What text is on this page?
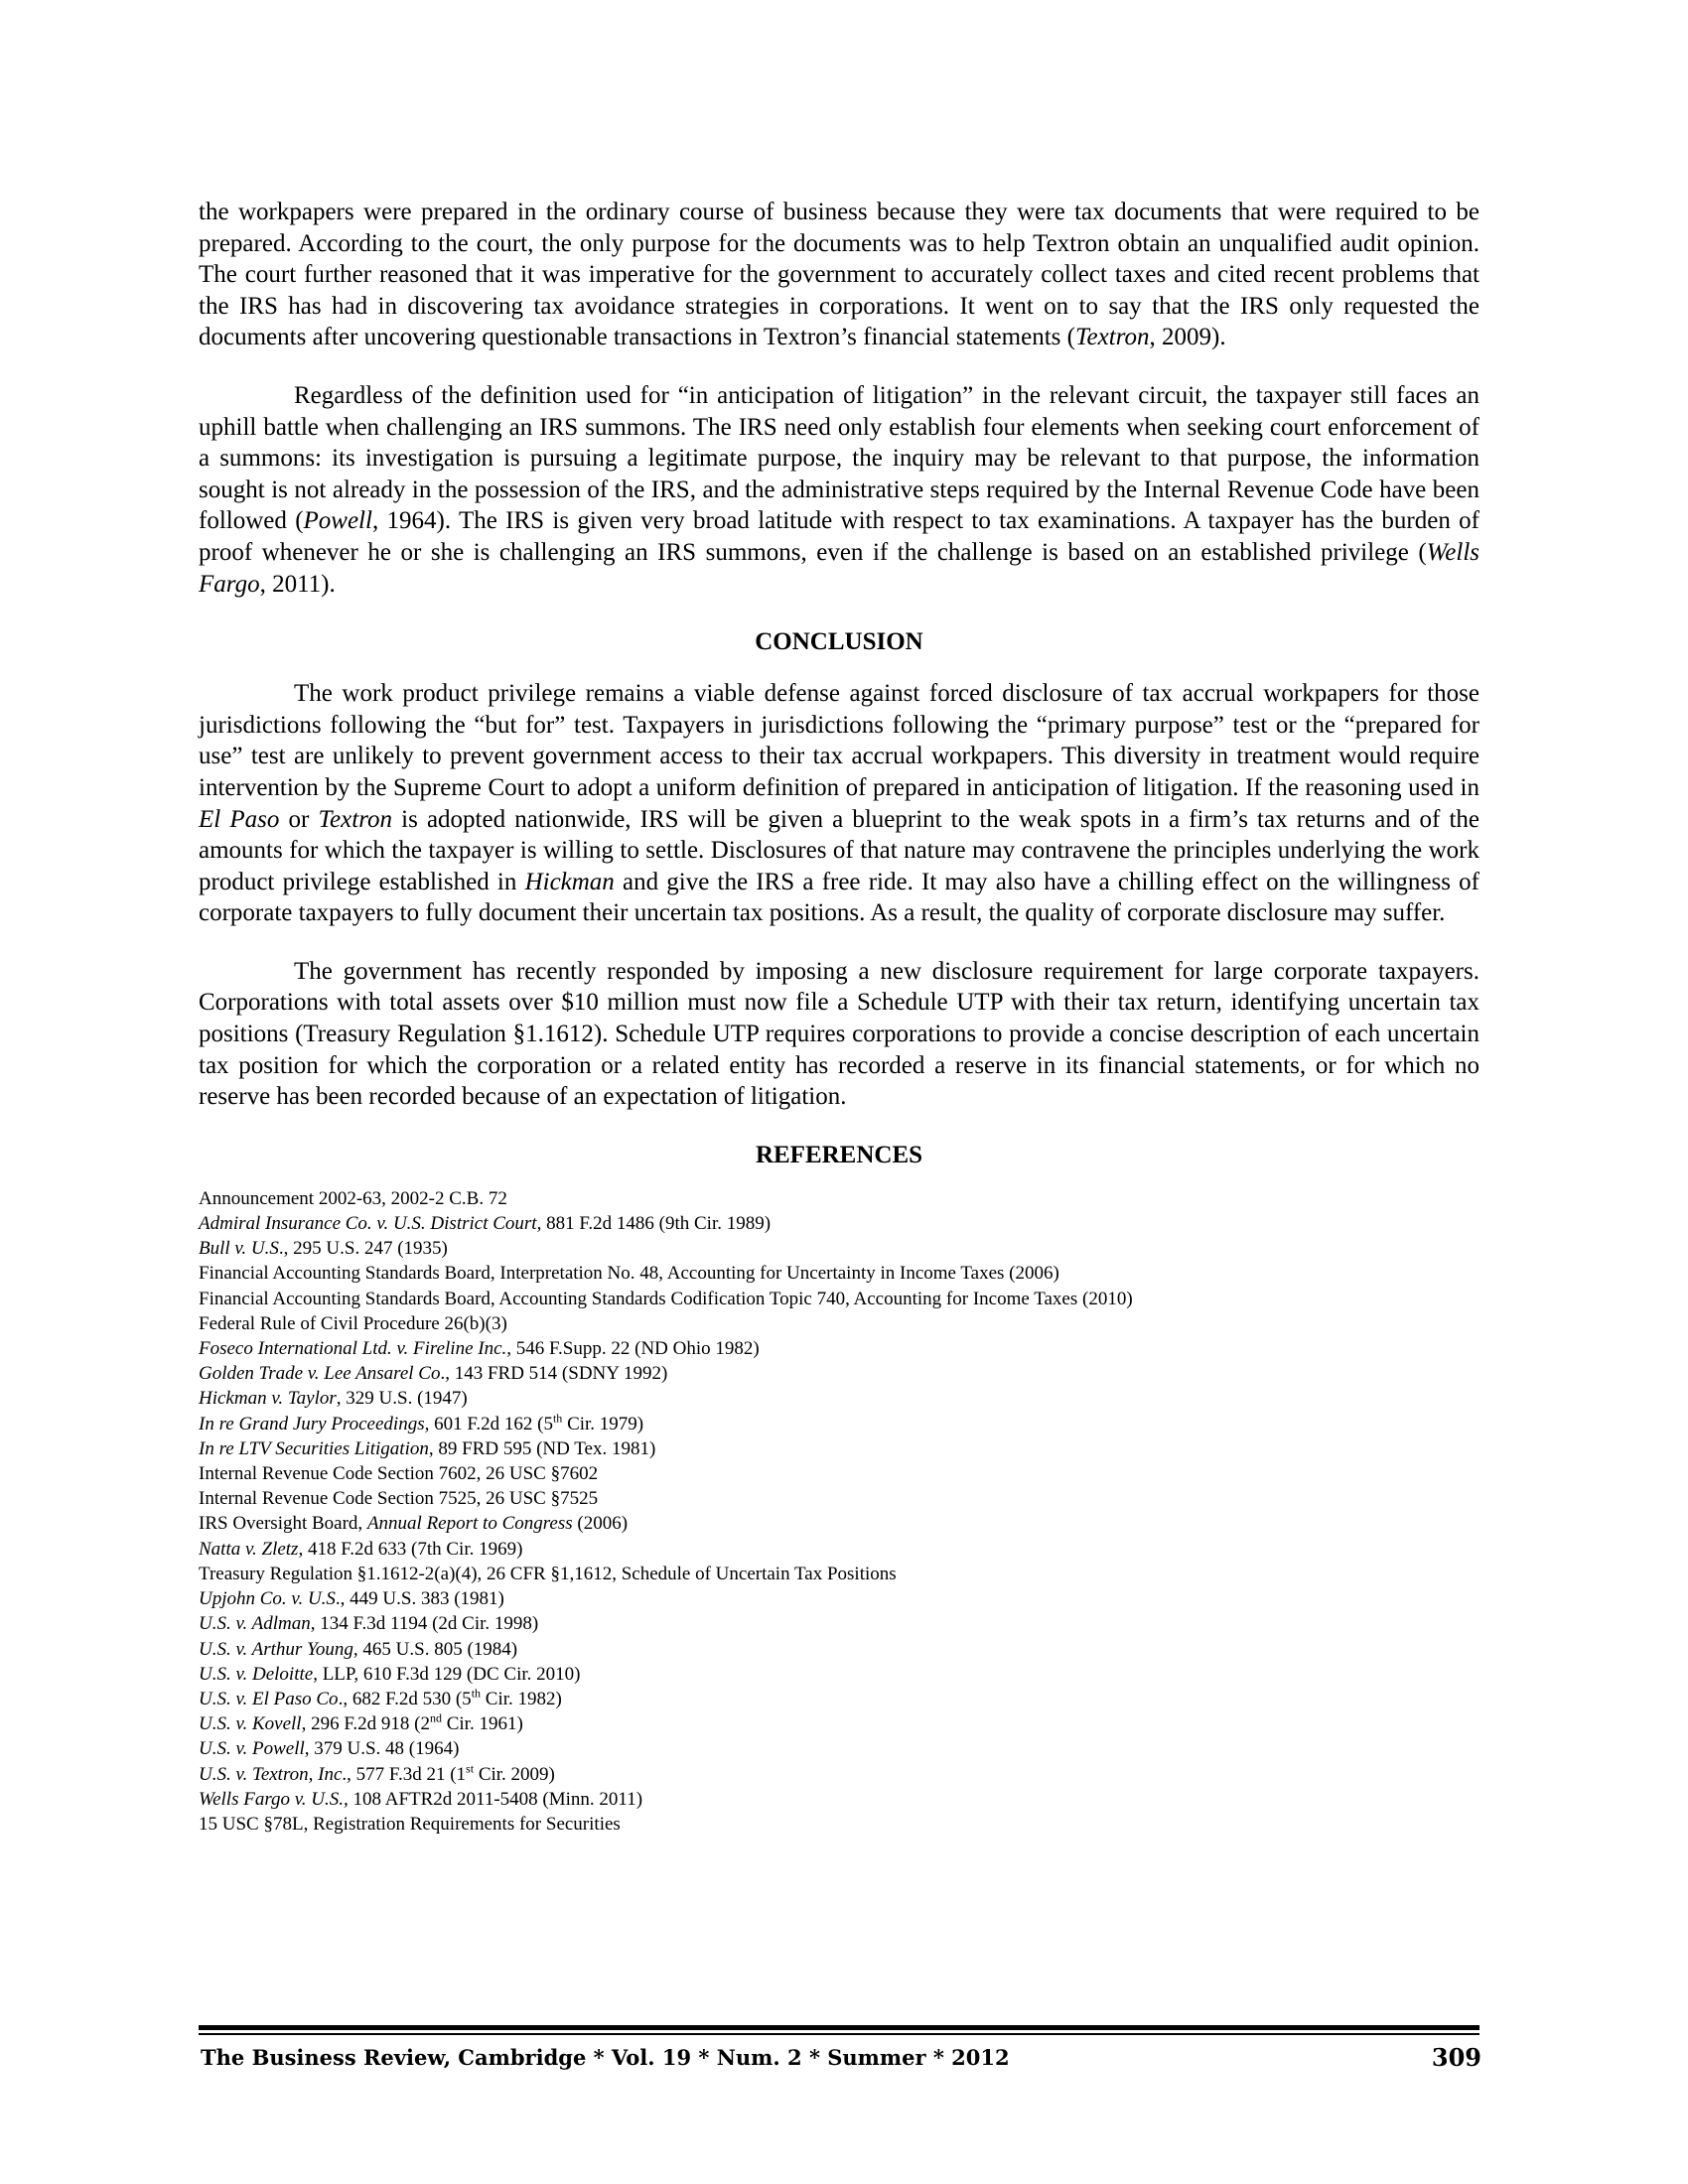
the workpapers were prepared in the ordinary course of business because they were tax documents that were required to be prepared. According to the court, the only purpose for the documents was to help Textron obtain an unqualified audit opinion. The court further reasoned that it was imperative for the government to accurately collect taxes and cited recent problems that the IRS has had in discovering tax avoidance strategies in corporations. It went on to say that the IRS only requested the documents after uncovering questionable transactions in Textron’s financial statements (Textron, 2009).

Regardless of the definition used for “in anticipation of litigation” in the relevant circuit, the taxpayer still faces an uphill battle when challenging an IRS summons. The IRS need only establish four elements when seeking court enforcement of a summons: its investigation is pursuing a legitimate purpose, the inquiry may be relevant to that purpose, the information sought is not already in the possession of the IRS, and the administrative steps required by the Internal Revenue Code have been followed (Powell, 1964). The IRS is given very broad latitude with respect to tax examinations. A taxpayer has the burden of proof whenever he or she is challenging an IRS summons, even if the challenge is based on an established privilege (Wells Fargo, 2011).

CONCLUSION

The work product privilege remains a viable defense against forced disclosure of tax accrual workpapers for those jurisdictions following the “but for” test. Taxpayers in jurisdictions following the “primary purpose” test or the “prepared for use” test are unlikely to prevent government access to their tax accrual workpapers. This diversity in treatment would require intervention by the Supreme Court to adopt a uniform definition of prepared in anticipation of litigation. If the reasoning used in El Paso or Textron is adopted nationwide, IRS will be given a blueprint to the weak spots in a firm’s tax returns and of the amounts for which the taxpayer is willing to settle. Disclosures of that nature may contravene the principles underlying the work product privilege established in Hickman and give the IRS a free ride. It may also have a chilling effect on the willingness of corporate taxpayers to fully document their uncertain tax positions. As a result, the quality of corporate disclosure may suffer.

The government has recently responded by imposing a new disclosure requirement for large corporate taxpayers. Corporations with total assets over $10 million must now file a Schedule UTP with their tax return, identifying uncertain tax positions (Treasury Regulation §1.1612). Schedule UTP requires corporations to provide a concise description of each uncertain tax position for which the corporation or a related entity has recorded a reserve in its financial statements, or for which no reserve has been recorded because of an expectation of litigation.

REFERENCES
Announcement 2002-63, 2002-2 C.B. 72
Admiral Insurance Co. v. U.S. District Court, 881 F.2d 1486 (9th Cir. 1989)
Bull v. U.S., 295 U.S. 247 (1935)
Financial Accounting Standards Board, Interpretation No. 48, Accounting for Uncertainty in Income Taxes (2006)
Financial Accounting Standards Board, Accounting Standards Codification Topic 740, Accounting for Income Taxes (2010)
Federal Rule of Civil Procedure 26(b)(3)
Foseco International Ltd. v. Fireline Inc., 546 F.Supp. 22 (ND Ohio 1982)
Golden Trade v. Lee Ansarel Co., 143 FRD 514 (SDNY 1992)
Hickman v. Taylor, 329 U.S. (1947)
In re Grand Jury Proceedings, 601 F.2d 162 (5th Cir. 1979)
In re LTV Securities Litigation, 89 FRD 595 (ND Tex. 1981)
Internal Revenue Code Section 7602, 26 USC §7602
Internal Revenue Code Section 7525, 26 USC §7525
IRS Oversight Board, Annual Report to Congress (2006)
Natta v. Zletz, 418 F.2d 633 (7th Cir. 1969)
Treasury Regulation §1.1612-2(a)(4), 26 CFR §1,1612, Schedule of Uncertain Tax Positions
Upjohn Co. v. U.S., 449 U.S. 383 (1981)
U.S. v. Adlman, 134 F.3d 1194 (2d Cir. 1998)
U.S. v. Arthur Young, 465 U.S. 805 (1984)
U.S. v. Deloitte, LLP, 610 F.3d 129 (DC Cir. 2010)
U.S. v. El Paso Co., 682 F.2d 530 (5th Cir. 1982)
U.S. v. Kovell, 296 F.2d 918 (2nd Cir. 1961)
U.S. v. Powell, 379 U.S. 48 (1964)
U.S. v. Textron, Inc., 577 F.3d 21 (1st Cir. 2009)
Wells Fargo v. U.S., 108 AFTR2d 2011-5408 (Minn. 2011)
15 USC §78L, Registration Requirements for Securities
The Business Review, Cambridge * Vol. 19 * Num. 2 * Summer * 2012	309
